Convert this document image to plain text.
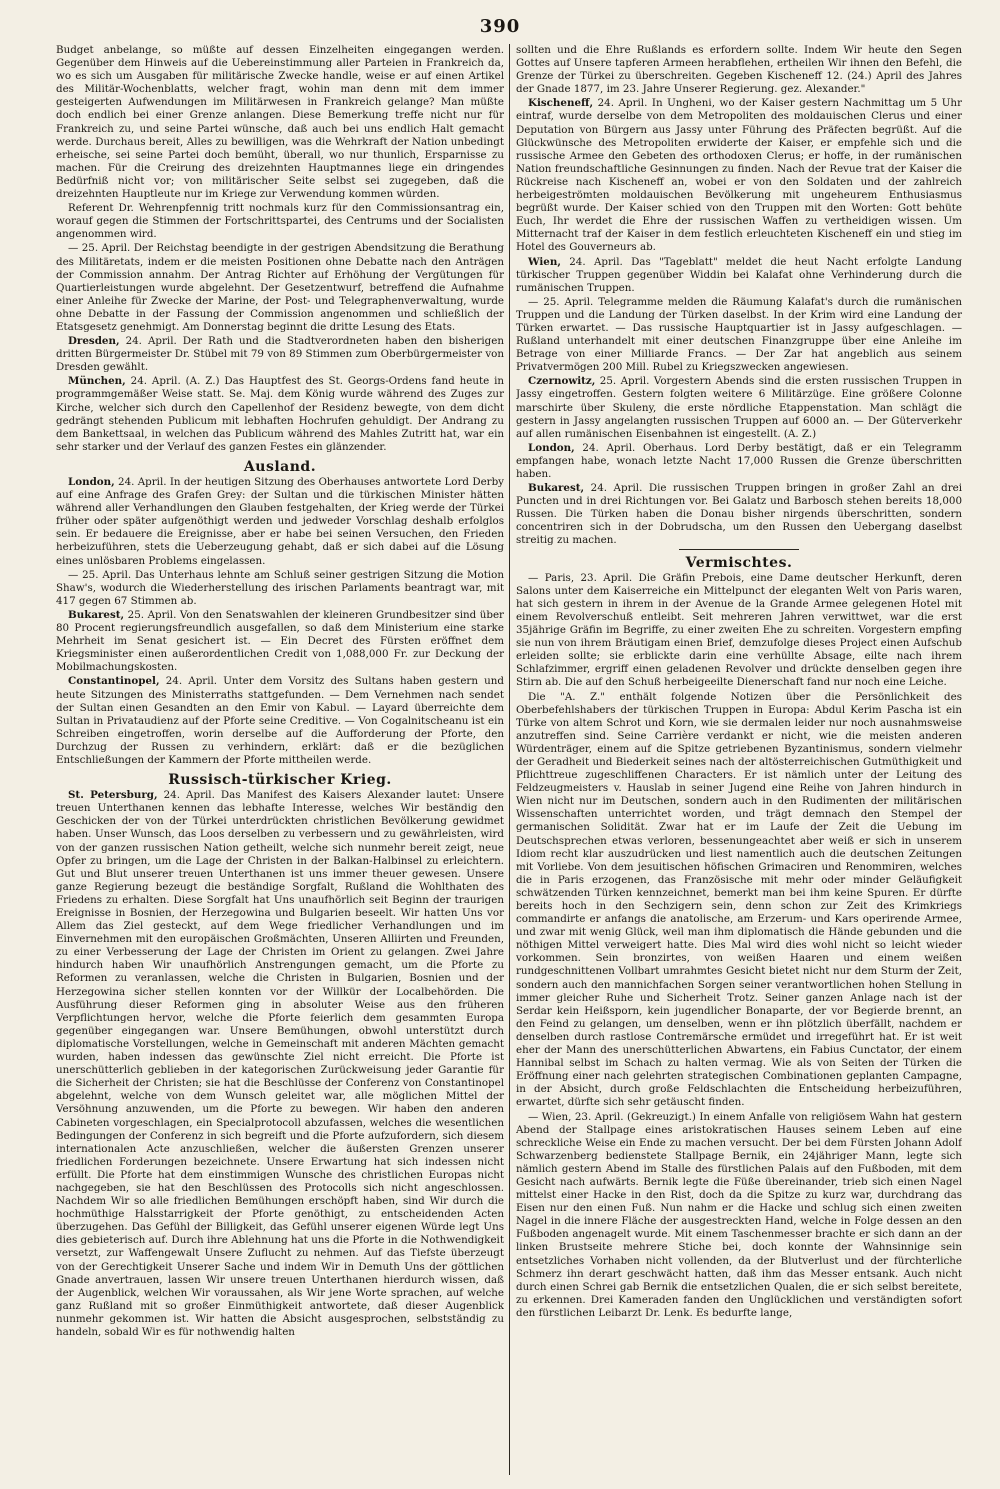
390

Budget anbelange, so müßte auf dessen Einzelheiten eingegangen werden. Gegenüber dem Hinweis auf die Uebereinstimmung aller Parteien in Frankreich da, wo es sich um Ausgaben für militärische Zwecke handle, weise er auf einen Artikel des Militär-Wochenblatts, welcher fragt, wohin man denn mit dem immer gesteigerten Aufwendungen im Militärwesen in Frankreich gelange? Man müßte doch endlich bei einer Grenze anlangen. Diese Bemerkung treffe nicht nur für Frankreich zu, und seine Partei wünsche, daß auch bei uns endlich Halt gemacht werde. Durchaus bereit, Alles zu bewilligen, was die Wehrkraft der Nation unbedingt erheische, sei seine Partei doch bemüht, überall, wo nur thunlich, Ersparnisse zu machen. Für die Creirung des dreizehnten Hauptmannes liege ein dringendes Bedürfniß nicht vor; von militärischer Seite selbst sei zugegeben, daß die dreizehnten Hauptleute nur im Kriege zur Verwendung kommen würden.

Referent Dr. Wehrenpfennig tritt nochmals kurz für den Commissionsantrag ein, worauf gegen die Stimmen der Fortschrittspartei, des Centrums und der Socialisten angenommen wird.

— 25. April. Der Reichstag beendigte in der gestrigen Abendsitzung die Berathung des Militäretats, indem er die meisten Positionen ohne Debatte nach den Anträgen der Commission annahm. Der Antrag Richter auf Erhöhung der Vergütungen für Quartierleistungen wurde abgelehnt. Der Gesetzentwurf, betreffend die Aufnahme einer Anleihe für Zwecke der Marine, der Post- und Telegraphenverwaltung, wurde ohne Debatte in der Fassung der Commission angenommen und schließlich der Etatsgesetz genehmigt. Am Donnerstag beginnt die dritte Lesung des Etats.

Dresden, 24. April. Der Rath und die Stadtverordneten haben den bisherigen dritten Bürgermeister Dr. Stübel mit 79 von 89 Stimmen zum Oberbürgermeister von Dresden gewählt.

München, 24. April. (A. Z.) Das Hauptfest des St. Georgs-Ordens fand heute in programmgemäßer Weise statt. Se. Maj. dem König wurde während des Zuges zur Kirche, welcher sich durch den Capellenhof der Residenz bewegte, von dem dicht gedrängt stehenden Publicum mit lebhaften Hochrufen gehuldigt. Der Andrang zu dem Bankettsaal, in welchen das Publicum während des Mahles Zutritt hat, war ein sehr starker und der Verlauf des ganzen Festes ein glänzender.

Ausland.

London, 24. April. In der heutigen Sitzung des Oberhauses antwortete Lord Derby auf eine Anfrage des Grafen Grey: der Sultan und die türkischen Minister hätten während aller Verhandlungen den Glauben festgehalten, der Krieg werde der Türkei früher oder später aufgenöthigt werden und jedweder Vorschlag deshalb erfolglos sein. Er bedauere die Ereignisse, aber er habe bei seinen Versuchen, den Frieden herbeizuführen, stets die Ueberzeugung gehabt, daß er sich dabei auf die Lösung eines unlösbaren Problems eingelassen.

— 25. April. Das Unterhaus lehnte am Schluß seiner gestrigen Sitzung die Motion Shaw's, wodurch die Wiederherstellung des irischen Parlaments beantragt war, mit 417 gegen 67 Stimmen ab.

Bukarest, 25. April. Von den Senatswahlen der kleineren Grundbesitzer sind über 80 Procent regierungsfreundlich ausgefallen, so daß dem Ministerium eine starke Mehrheit im Senat gesichert ist. — Ein Decret des Fürsten eröffnet dem Kriegsminister einen außerordentlichen Credit von 1,088,000 Fr. zur Deckung der Mobilmachungskosten.

Constantinopel, 24. April. Unter dem Vorsitz des Sultans haben gestern und heute Sitzungen des Ministerraths stattgefunden. — Dem Vernehmen nach sendet der Sultan einen Gesandten an den Emir von Kabul. — Layard überreichte dem Sultan in Privataudienz auf der Pforte seine Creditive. — Von Cogalnitscheanu ist ein Schreiben eingetroffen, worin derselbe auf die Aufforderung der Pforte, den Durchzug der Russen zu verhindern, erklärt: daß er die bezüglichen Entschließungen der Kammern der Pforte mittheilen werde.

Russisch-türkischer Krieg.

St. Petersburg, 24. April. Das Manifest des Kaisers Alexander lautet: Unsere treuen Unterthanen kennen das lebhafte Interesse, welches Wir beständig den Geschicken der von der Türkei unterdrückten christlichen Bevölkerung gewidmet haben. Unser Wunsch, das Loos derselben zu verbessern und zu gewährleisten, wird von der ganzen russischen Nation getheilt, welche sich nunmehr bereit zeigt, neue Opfer zu bringen, um die Lage der Christen in der Balkan-Halbinsel zu erleichtern. Gut und Blut unserer treuen Unterthanen ist uns immer theuer gewesen. Unsere ganze Regierung bezeugt die beständige Sorgfalt, Rußland die Wohlthaten des Friedens zu erhalten. Diese Sorgfalt hat Uns unaufhörlich seit Beginn der traurigen Ereignisse in Bosnien, der Herzegowina und Bulgarien beseelt. Wir hatten Uns vor Allem das Ziel gesteckt, auf dem Wege friedlicher Verhandlungen und im Einvernehmen mit den europäischen Großmächten, Unseren Alliirten und Freunden, zu einer Verbesserung der Lage der Christen im Orient zu gelangen. Zwei Jahre hindurch haben Wir unaufhörlich Anstrengungen gemacht, um die Pforte zu Reformen zu veranlassen, welche die Christen in Bulgarien, Bosnien und der Herzegowina sicher stellen konnten vor der Willkür der Localbehörden. Die Ausführung dieser Reformen ging in absoluter Weise aus den früheren Verpflichtungen hervor, welche die Pforte feierlich dem gesammten Europa gegenüber eingegangen war. Unsere Bemühungen, obwohl unterstützt durch diplomatische Vorstellungen, welche in Gemeinschaft mit anderen Mächten gemacht wurden, haben indessen das gewünschte Ziel nicht erreicht. Die Pforte ist unerschütterlich geblieben in der kategorischen Zurückweisung jeder Garantie für die Sicherheit der Christen; sie hat die Beschlüsse der Conferenz von Constantinopel abgelehnt, welche von dem Wunsch geleitet war, alle möglichen Mittel der Versöhnung anzuwenden, um die Pforte zu bewegen. Wir haben den anderen Cabineten vorgeschlagen, ein Specialprotocoll abzufassen, welches die wesentlichen Bedingungen der Conferenz in sich begreift und die Pforte aufzufordern, sich diesem internationalen Acte anzuschließen, welcher die äußersten Grenzen unserer friedlichen Forderungen bezeichnete. Unsere Erwartung hat sich indessen nicht erfüllt. Die Pforte hat dem einstimmigen Wunsche des christlichen Europas nicht nachgegeben, sie hat den Beschlüssen des Protocolls sich nicht angeschlossen. Nachdem Wir so alle friedlichen Bemühungen erschöpft haben, sind Wir durch die hochmüthige Halsstarrigkeit der Pforte genöthigt, zu entscheidenden Acten überzugehen. Das Gefühl der Billigkeit, das Gefühl unserer eigenen Würde legt Uns dies gebieterisch auf. Durch ihre Ablehnung hat uns die Pforte in die Nothwendigkeit versetzt, zur Waffengewalt Unsere Zuflucht zu nehmen. Auf das Tiefste überzeugt von der Gerechtigkeit Unserer Sache und indem Wir in Demuth Uns der göttlichen Gnade anvertrauen, lassen Wir unsere treuen Unterthanen hierdurch wissen, daß der Augenblick, welchen Wir voraussahen, als Wir jene Worte sprachen, auf welche ganz Rußland mit so großer Einmüthigkeit antwortete, daß dieser Augenblick nunmehr gekommen ist. Wir hatten die Absicht ausgesprochen, selbstständig zu handeln, sobald Wir es für nothwendig halten

sollten und die Ehre Rußlands es erfordern sollte. Indem Wir heute den Segen Gottes auf Unsere tapferen Armeen herabflehen, ertheilen Wir ihnen den Befehl, die Grenze der Türkei zu überschreiten. Gegeben Kischeneff 12. (24.) April des Jahres der Gnade 1877, im 23. Jahre Unserer Regierung. gez. Alexander."

Kischeneff, 24. April. In Ungheni, wo der Kaiser gestern Nachmittag um 5 Uhr eintraf, wurde derselbe von dem Metropoliten des moldauischen Clerus und einer Deputation von Bürgern aus Jassy unter Führung des Präfecten begrüßt. Auf die Glückwünsche des Metropoliten erwiderte der Kaiser, er empfehle sich und die russische Armee den Gebeten des orthodoxen Clerus; er hoffe, in der rumänischen Nation freundschaftliche Gesinnungen zu finden. Nach der Revue trat der Kaiser die Rückreise nach Kischeneff an, wobei er von den Soldaten und der zahlreich herbeigeströmten moldauischen Bevölkerung mit ungeheurem Enthusiasmus begrüßt wurde. Der Kaiser schied von den Truppen mit den Worten: Gott behüte Euch, Ihr werdet die Ehre der russischen Waffen zu vertheidigen wissen. Um Mitternacht traf der Kaiser in dem festlich erleuchteten Kischeneff ein und stieg im Hotel des Gouverneurs ab.

Wien, 24. April. Das "Tageblatt" meldet die heut Nacht erfolgte Landung türkischer Truppen gegenüber Widdin bei Kalafat ohne Verhinderung durch die rumänischen Truppen.

— 25. April. Telegramme melden die Räumung Kalafat's durch die rumänischen Truppen und die Landung der Türken daselbst. In der Krim wird eine Landung der Türken erwartet. — Das russische Hauptquartier ist in Jassy aufgeschlagen. — Rußland unterhandelt mit einer deutschen Finanzgruppe über eine Anleihe im Betrage von einer Milliarde Francs. — Der Zar hat angeblich aus seinem Privatvermögen 200 Mill. Rubel zu Kriegszwecken angewiesen.

Czernowitz, 25. April. Vorgestern Abends sind die ersten russischen Truppen in Jassy eingetroffen. Gestern folgten weitere 6 Militärzüge. Eine größere Colonne marschirte über Skuleny, die erste nördliche Etappenstation. Man schlägt die gestern in Jassy angelangten russischen Truppen auf 6000 an. — Der Güterverkehr auf allen rumänischen Eisenbahnen ist eingestellt. (A. Z.)

London, 24. April. Oberhaus. Lord Derby bestätigt, daß er ein Telegramm empfangen habe, wonach letzte Nacht 17,000 Russen die Grenze überschritten haben.

Bukarest, 24. April. Die russischen Truppen bringen in großer Zahl an drei Puncten und in drei Richtungen vor. Bei Galatz und Barbosch stehen bereits 18,000 Russen. Die Türken haben die Donau bisher nirgends überschritten, sondern concentriren sich in der Dobrudscha, um den Russen den Uebergang daselbst streitig zu machen.

Vermischtes.

— Paris, 23. April. Die Gräfin Prebois, eine Dame deutscher Herkunft, deren Salons unter dem Kaiserreiche ein Mittelpunct der eleganten Welt von Paris waren, hat sich gestern in ihrem in der Avenue de la Grande Armee gelegenen Hotel mit einem Revolverschuß entleibt. Seit mehreren Jahren verwittwet, war die erst 35jährige Gräfin im Begriffe, zu einer zweiten Ehe zu schreiten. Vorgestern empfing sie nun von ihrem Bräutigam einen Brief, demzufolge dieses Project einen Aufschub erleiden sollte; sie erblickte darin eine verhüllte Absage, eilte nach ihrem Schlafzimmer, ergriff einen geladenen Revolver und drückte denselben gegen ihre Stirn ab. Die auf den Schuß herbeigeeilte Dienerschaft fand nur noch eine Leiche.

Die "A. Z." enthält folgende Notizen über die Persönlichkeit des Oberbefehlshabers der türkischen Truppen in Europa: Abdul Kerim Pascha ist ein Türke von altem Schrot und Korn, wie sie dermalen leider nur noch ausnahmsweise anzutreffen sind. Seine Carrière verdankt er nicht, wie die meisten anderen Würdenträger, einem auf die Spitze getriebenen Byzantinismus, sondern vielmehr der Geradheit und Biederkeit seines nach der altösterreichischen Gutmüthigkeit und Pflichttreue zugeschliffenen Characters. Er ist nämlich unter der Leitung des Feldzeugmeisters v. Hauslab in seiner Jugend eine Reihe von Jahren hindurch in Wien nicht nur im Deutschen, sondern auch in den Rudimenten der militärischen Wissenschaften unterrichtet worden, und trägt demnach den Stempel der germanischen Solidität. Zwar hat er im Laufe der Zeit die Uebung im Deutschsprechen etwas verloren, bessenungeachtet aber weiß er sich in unserem Idiom recht klar auszudrücken und liest namentlich auch die deutschen Zeitungen mit Vorliebe. Von dem jesuitischen höfischen Grimaciren und Renommiren, welches die in Paris erzogenen, das Französische mit mehr oder minder Geläufigkeit schwätzenden Türken kennzeichnet, bemerkt man bei ihm keine Spuren. Er dürfte bereits hoch in den Sechzigern sein, denn schon zur Zeit des Krimkriegs commandirte er anfangs die anatolische, am Erzerum- und Kars operirende Armee, und zwar mit wenig Glück, weil man ihm diplomatisch die Hände gebunden und die nöthigen Mittel verweigert hatte. Dies Mal wird dies wohl nicht so leicht wieder vorkommen. Sein bronzirtes, von weißen Haaren und einem weißen rundgeschnittenen Vollbart umrahmtes Gesicht bietet nicht nur dem Sturm der Zeit, sondern auch den mannichfachen Sorgen seiner verantwortlichen hohen Stellung in immer gleicher Ruhe und Sicherheit Trotz. Seiner ganzen Anlage nach ist der Serdar kein Heißsporn, kein jugendlicher Bonaparte, der vor Begierde brennt, an den Feind zu gelangen, um denselben, wenn er ihn plötzlich überfällt, nachdem er denselben durch rastlose Contremärsche ermüdet und irregeführt hat. Er ist weit eher der Mann des unerschütterlichen Abwartens, ein Fabius Cunctator, der einem Hannibal selbst im Schach zu halten vermag. Wie als von Seiten der Türken die Eröffnung einer nach gelehrten strategischen Combinationen geplanten Campagne, in der Absicht, durch große Feldschlachten die Entscheidung herbeizuführen, erwartet, dürfte sich sehr getäuscht finden.

— Wien, 23. April. (Gekreuzigt.) In einem Anfalle von religiösem Wahn hat gestern Abend der Stallpage eines aristokratischen Hauses seinem Leben auf eine schreckliche Weise ein Ende zu machen versucht. Der bei dem Fürsten Johann Adolf Schwarzenberg bedienstete Stallpage Bernik, ein 24jähriger Mann, legte sich nämlich gestern Abend im Stalle des fürstlichen Palais auf den Fußboden, mit dem Gesicht nach aufwärts. Bernik legte die Füße übereinander, trieb sich einen Nagel mittelst einer Hacke in den Rist, doch da die Spitze zu kurz war, durchdrang das Eisen nur den einen Fuß. Nun nahm er die Hacke und schlug sich einen zweiten Nagel in die innere Fläche der ausgestreckten Hand, welche in Folge dessen an den Fußboden angenagelt wurde. Mit einem Taschenmesser brachte er sich dann an der linken Brustseite mehrere Stiche bei, doch konnte der Wahnsinnige sein entsetzliches Vorhaben nicht vollenden, da der Blutverlust und der fürchterliche Schmerz ihn derart geschwächt hatten, daß ihm das Messer entsank. Auch nicht durch einen Schrei gab Bernik die entsetzlichen Qualen, die er sich selbst bereitete, zu erkennen. Drei Kameraden fanden den Unglücklichen und verständigten sofort den fürstlichen Leibarzt Dr. Lenk. Es bedurfte lange,
